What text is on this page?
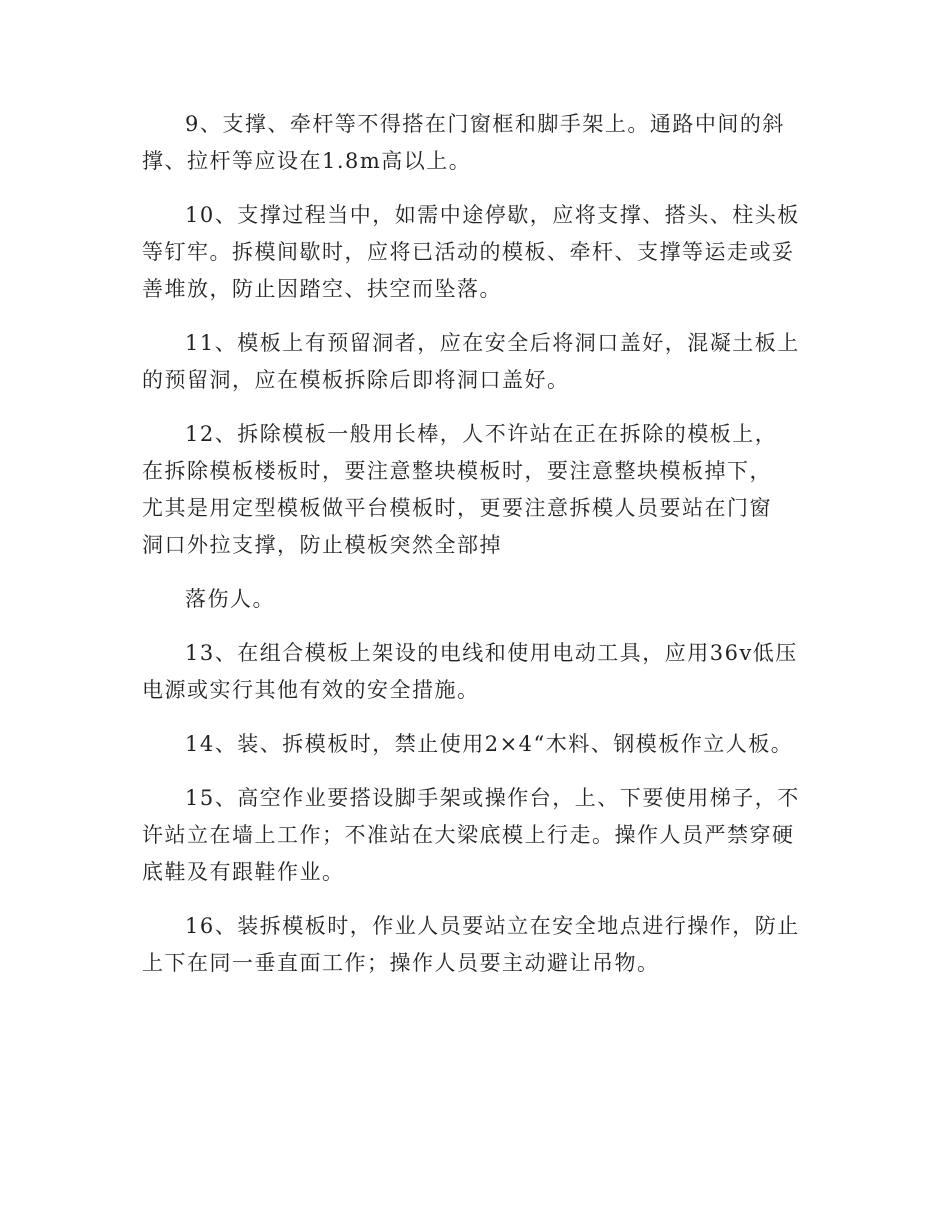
9、支撑、牵杆等不得搭在门窗框和脚手架上。通路中间的斜撑、拉杆等应设在1.8m高以上。

10、支撑过程当中，如需中途停歇，应将支撑、搭头、柱头板等钉牢。拆模间歇时，应将已活动的模板、牵杆、支撑等运走或妥善堆放，防止因踏空、扶空而坠落。

11、模板上有预留洞者，应在安全后将洞口盖好，混凝土板上的预留洞，应在模板拆除后即将洞口盖好。

12、拆除模板一般用长棒，人不许站在正在拆除的模板上，在拆除模板楼板时，要注意整块模板时，要注意整块模板掉下，尤其是用定型模板做平台模板时，更要注意拆模人员要站在门窗洞口外拉支撑，防止模板突然全部掉

落伤人。

13、在组合模板上架设的电线和使用电动工具，应用36v低压电源或实行其他有效的安全措施。

14、装、拆模板时，禁止使用2×4“木料、钢模板作立人板。

15、高空作业要搭设脚手架或操作台，上、下要使用梯子，不许站立在墙上工作；不准站在大梁底模上行走。操作人员严禁穿硬底鞋及有跟鞋作业。

16、装拆模板时，作业人员要站立在安全地点进行操作，防止上下在同一垂直面工作；操作人员要主动避让吊物。
